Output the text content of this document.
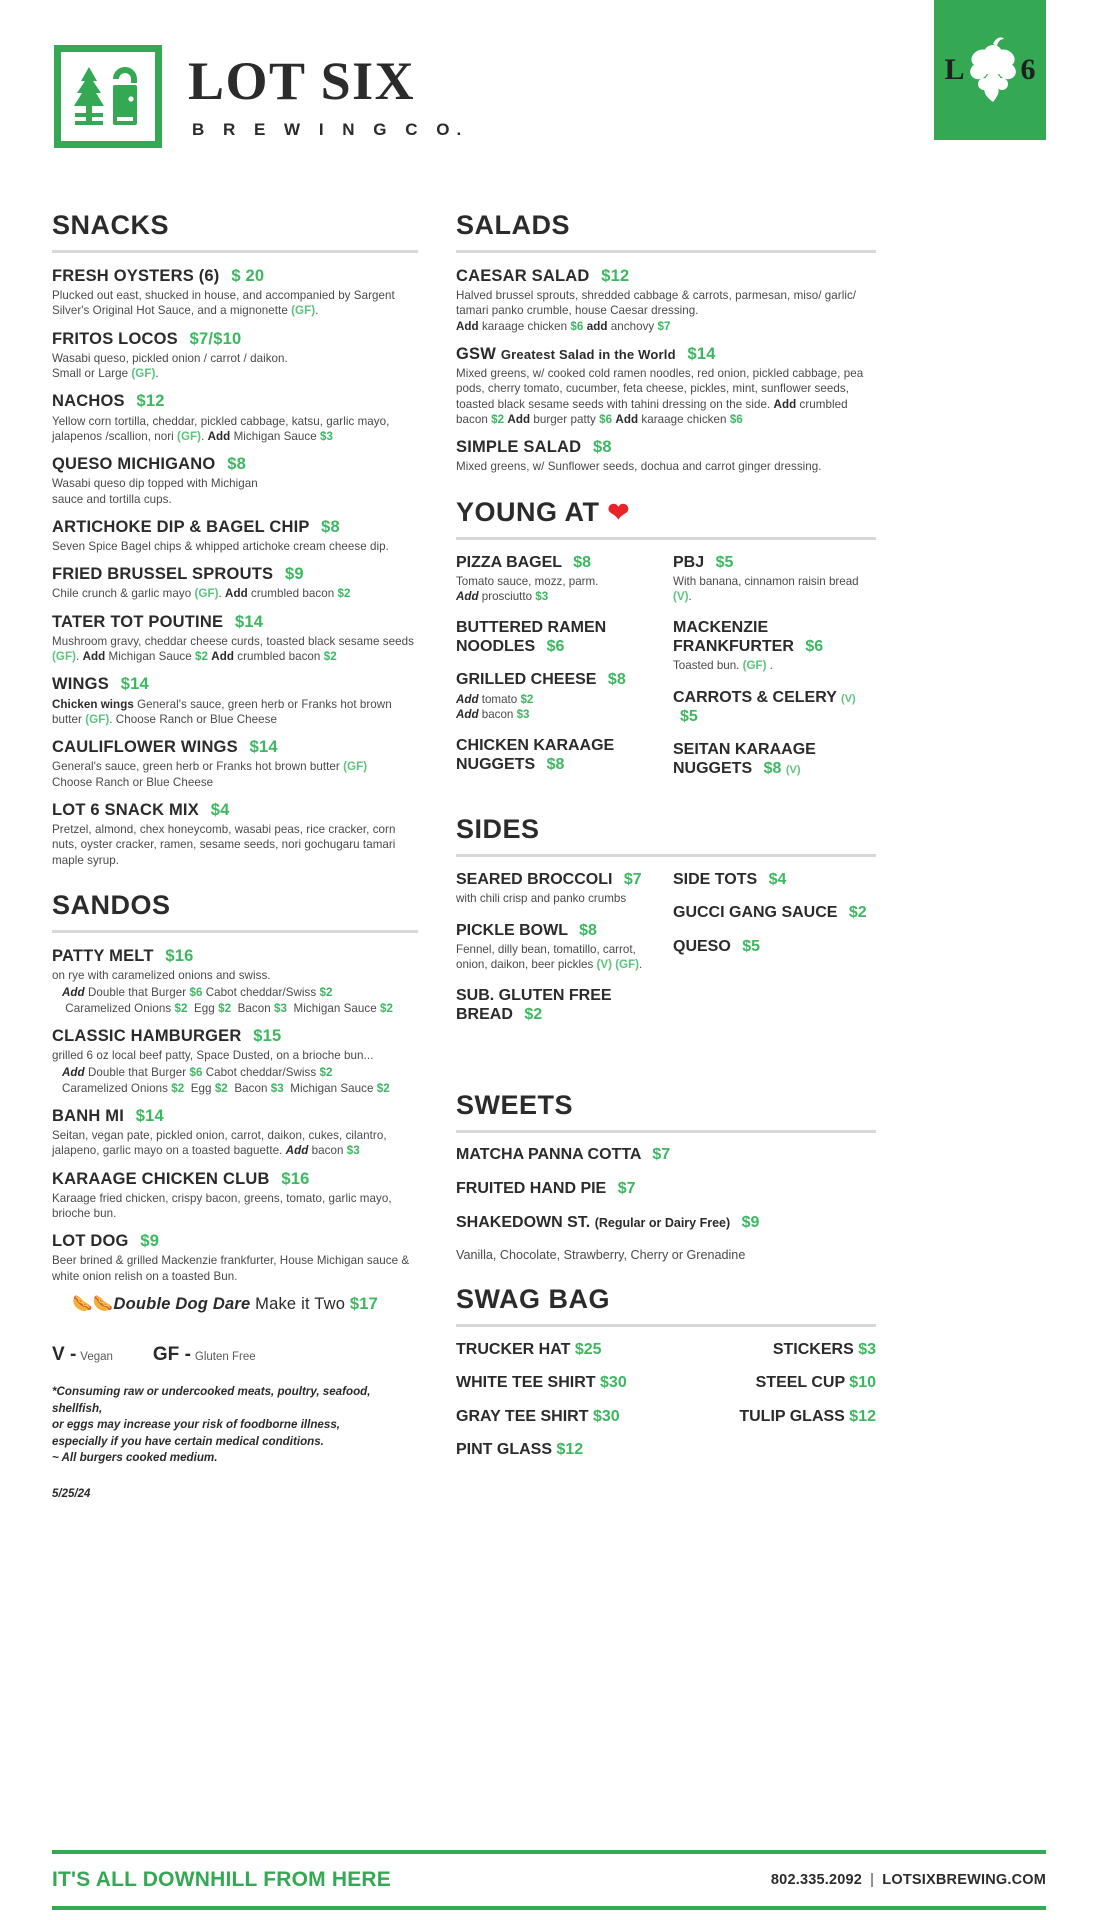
LOT SIX
B R E W I N G C O.
L 6
SNACKS
FRESH OYSTERS (6) $ 20
Plucked out east, shucked in house, and accompanied by Sargent Silver's Original Hot Sauce, and a mignonette (GF).
FRITOS LOCOS $7/$10
Wasabi queso, pickled onion / carrot / daikon.
Small or Large (GF).
NACHOS $12
Yellow corn tortilla, cheddar, pickled cabbage, katsu, garlic mayo, jalapenos /scallion, nori (GF). Add Michigan Sauce $3
QUESO MICHIGANO $8
Wasabi queso dip topped with Michigan
sauce and tortilla cups.
ARTICHOKE DIP & BAGEL CHIP $8
Seven Spice Bagel chips & whipped artichoke cream cheese dip.
FRIED BRUSSEL SPROUTS $9
Chile crunch & garlic mayo (GF). Add crumbled bacon $2
TATER TOT POUTINE $14
Mushroom gravy, cheddar cheese curds, toasted black sesame seeds (GF). Add Michigan Sauce $2 Add crumbled bacon $2
WINGS $14
Chicken wings General's sauce, green herb or Franks hot brown butter (GF). Choose Ranch or Blue Cheese
CAULIFLOWER WINGS $14
General's sauce, green herb or Franks hot brown butter (GF)
Choose Ranch or Blue Cheese
LOT 6 SNACK MIX $4
Pretzel, almond, chex honeycomb, wasabi peas, rice cracker, corn nuts, oyster cracker, ramen, sesame seeds, nori gochugaru tamari maple syrup.
SANDOS
PATTY MELT $16
on rye with caramelized onions and swiss.
Add Double that Burger $6 Cabot cheddar/Swiss $2
Caramelized Onions $2  Egg $2  Bacon $3  Michigan Sauce $2
CLASSIC HAMBURGER $15
grilled 6 oz local beef patty, Space Dusted, on a brioche bun...
Add Double that Burger $6 Cabot cheddar/Swiss $2
Caramelized Onions $2  Egg $2  Bacon $3  Michigan Sauce $2
BANH MI $14
Seitan, vegan pate, pickled onion, carrot, daikon, cukes, cilantro, jalapeno, garlic mayo on a toasted baguette. Add bacon $3
KARAAGE CHICKEN CLUB $16
Karaage fried chicken, crispy bacon, greens, tomato, garlic mayo, brioche bun.
LOT DOG $9
Beer brined & grilled Mackenzie frankfurter, House Michigan sauce & white onion relish on a toasted Bun.
🌭🌭Double Dog Dare Make it Two $17
V - Vegan GF - Gluten Free
*Consuming raw or undercooked meats, poultry, seafood, shellfish,
or eggs may increase your risk of foodborne illness,
especially if you have certain medical conditions.
~ All burgers cooked medium.
5/25/24
SALADS
CAESAR SALAD $12
Halved brussel sprouts, shredded cabbage & carrots, parmesan, miso/ garlic/ tamari panko crumble, house Caesar dressing.
Add karaage chicken $6 add anchovy $7
GSW Greatest Salad in the World $14
Mixed greens, w/ cooked cold ramen noodles, red onion, pickled cabbage, pea pods, cherry tomato, cucumber, feta cheese, pickles, mint, sunflower seeds, toasted black sesame seeds with tahini dressing on the side. Add crumbled bacon $2 Add burger patty $6 Add karaage chicken $6
SIMPLE SALAD $8
Mixed greens, w/ Sunflower seeds, dochua and carrot ginger dressing.
YOUNG AT ❤
PIZZA BAGEL $8
Tomato sauce, mozz, parm.
Add prosciutto $3
BUTTERED RAMEN NOODLES $6
GRILLED CHEESE $8
Add tomato $2
Add bacon $3
CHICKEN KARAAGE NUGGETS $8
PBJ $5
With banana, cinnamon raisin bread (V).
MACKENZIE FRANKFURTER $6
Toasted bun. (GF) .
CARROTS & CELERY (V) $5
SEITAN KARAAGE NUGGETS $8 (V)
SIDES
SEARED BROCCOLI $7
with chili crisp and panko crumbs
PICKLE BOWL $8
Fennel, dilly bean, tomatillo, carrot, onion, daikon, beer pickles (V) (GF).
SUB. GLUTEN FREE BREAD $2
SIDE TOTS $4
GUCCI GANG SAUCE $2
QUESO $5
SWEETS
MATCHA PANNA COTTA $7
FRUITED HAND PIE $7
SHAKEDOWN ST. (Regular or Dairy Free) $9
Vanilla, Chocolate, Strawberry, Cherry or Grenadine
SWAG BAG
TRUCKER HAT $25
WHITE TEE SHIRT $30
GRAY TEE SHIRT $30
PINT GLASS $12
STICKERS $3
STEEL CUP $10
TULIP GLASS $12
IT'S ALL DOWNHILL FROM HERE	802.335.2092 | LOTSIXBREWING.COM
